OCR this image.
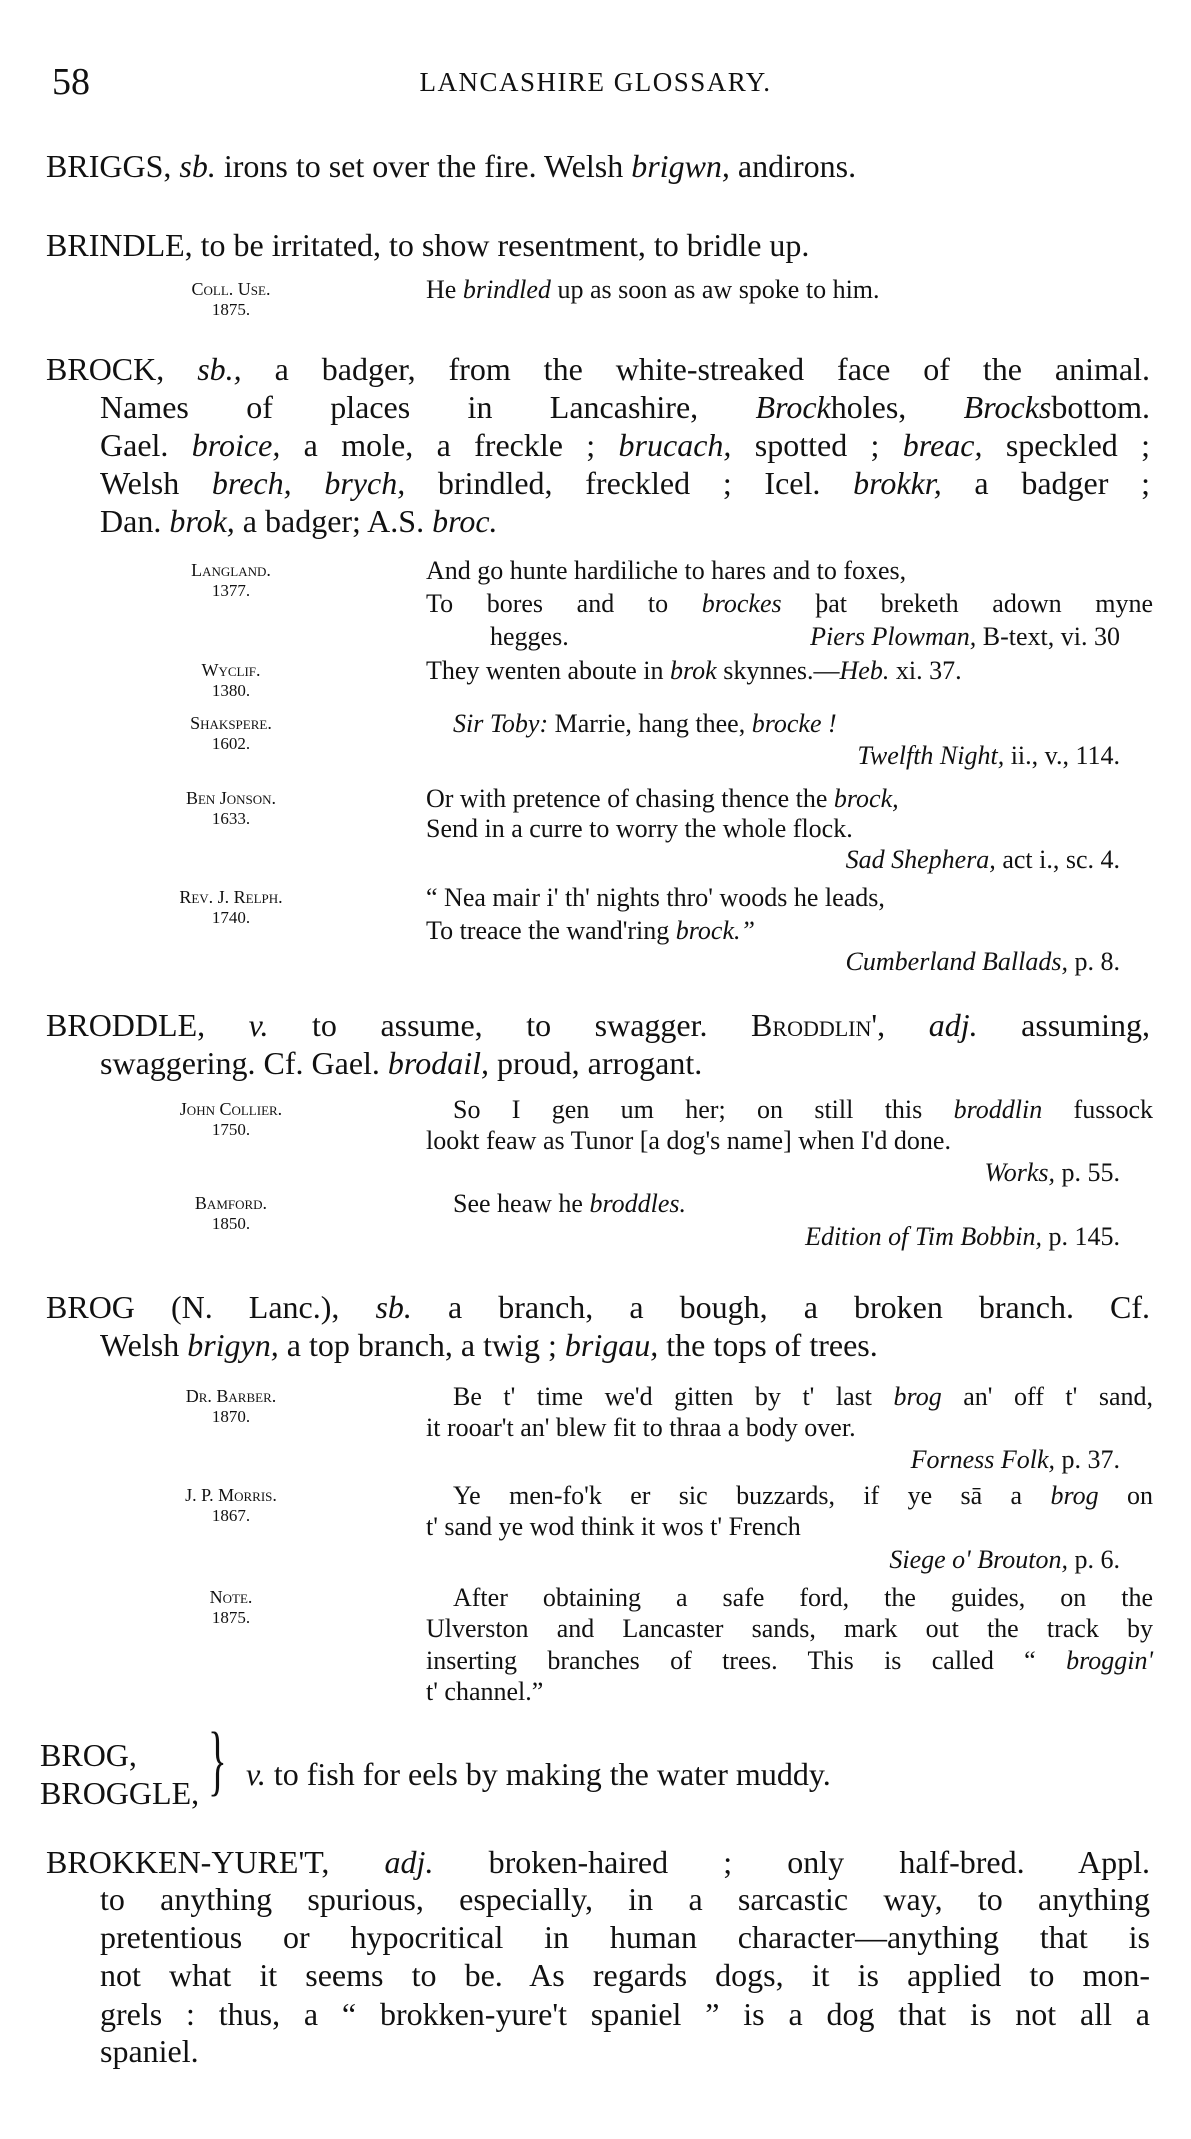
58	LANCASHIRE GLOSSARY.
BRIGGS, sb. irons to set over the fire. Welsh brigwn, andirons.
BRINDLE, to be irritated, to show resentment, to bridle up.
Coll. Use.
1875.
He brindled up as soon as aw spoke to him.
BROCK, sb., a badger, from the white-streaked face of the animal.
Names of places in Lancashire, Brockholes, Brocksbottom.
Gael. broice, a mole, a freckle ; brucach, spotted ; breac, speckled ;
Welsh brech, brych, brindled, freckled ; Icel. brokkr, a badger ;
Dan. brok, a badger; A.S. broc.
Langland.
1377.
And go hunte hardiliche to hares and to foxes,
To bores and to brockes þat breketh adown myne
hegges.	Piers Plowman, B-text, vi. 30
Wyclif.
1380.
They wenten aboute in brok skynnes.—Heb. xi. 37.
Shakspere.
1602.
Sir Toby: Marrie, hang thee, brocke !
Twelfth Night, ii., v., 114.
Ben Jonson.
1633.
Or with pretence of chasing thence the brock,
Send in a curre to worry the whole flock.
Sad Shephera, act i., sc. 4.
Rev. J. Relph.
1740.
“ Nea mair i' th' nights thro' woods he leads,
To treace the wand'ring brock.”
Cumberland Ballads, p. 8.
BRODDLE, v. to assume, to swagger. Broddlin', adj. assuming,
swaggering. Cf. Gael. brodail, proud, arrogant.
John Collier.
1750.
So I gen um her; on still this broddlin fussock
lookt feaw as Tunor [a dog's name] when I'd done.
Works, p. 55.
Bamford.
1850.
See heaw he broddles.
Edition of Tim Bobbin, p. 145.
BROG (N. Lanc.), sb. a branch, a bough, a broken branch. Cf.
Welsh brigyn, a top branch, a twig ; brigau, the tops of trees.
Dr. Barber.
1870.
Be t' time we'd gitten by t' last brog an' off t' sand,
it rooar't an' blew fit to thraa a body over.
Forness Folk, p. 37.
J. P. Morris.
1867.
Ye men-fo'k er sic buzzards, if ye sā a brog on
t' sand ye wod think it wos t' French
Siege o' Brouton, p. 6.
Note.
1875.
After obtaining a safe ford, the guides, on the
Ulverston and Lancaster sands, mark out the track by
inserting branches of trees. This is called “ broggin'
t' channel.”
BROG,
BROGGLE, } v. to fish for eels by making the water muddy.
BROKKEN-YURE'T, adj. broken-haired ; only half-bred. Appl.
to anything spurious, especially, in a sarcastic way, to anything
pretentious or hypocritical in human character—anything that is
not what it seems to be. As regards dogs, it is applied to mon-
grels : thus, a “ brokken-yure't spaniel ” is a dog that is not all a
spaniel.
